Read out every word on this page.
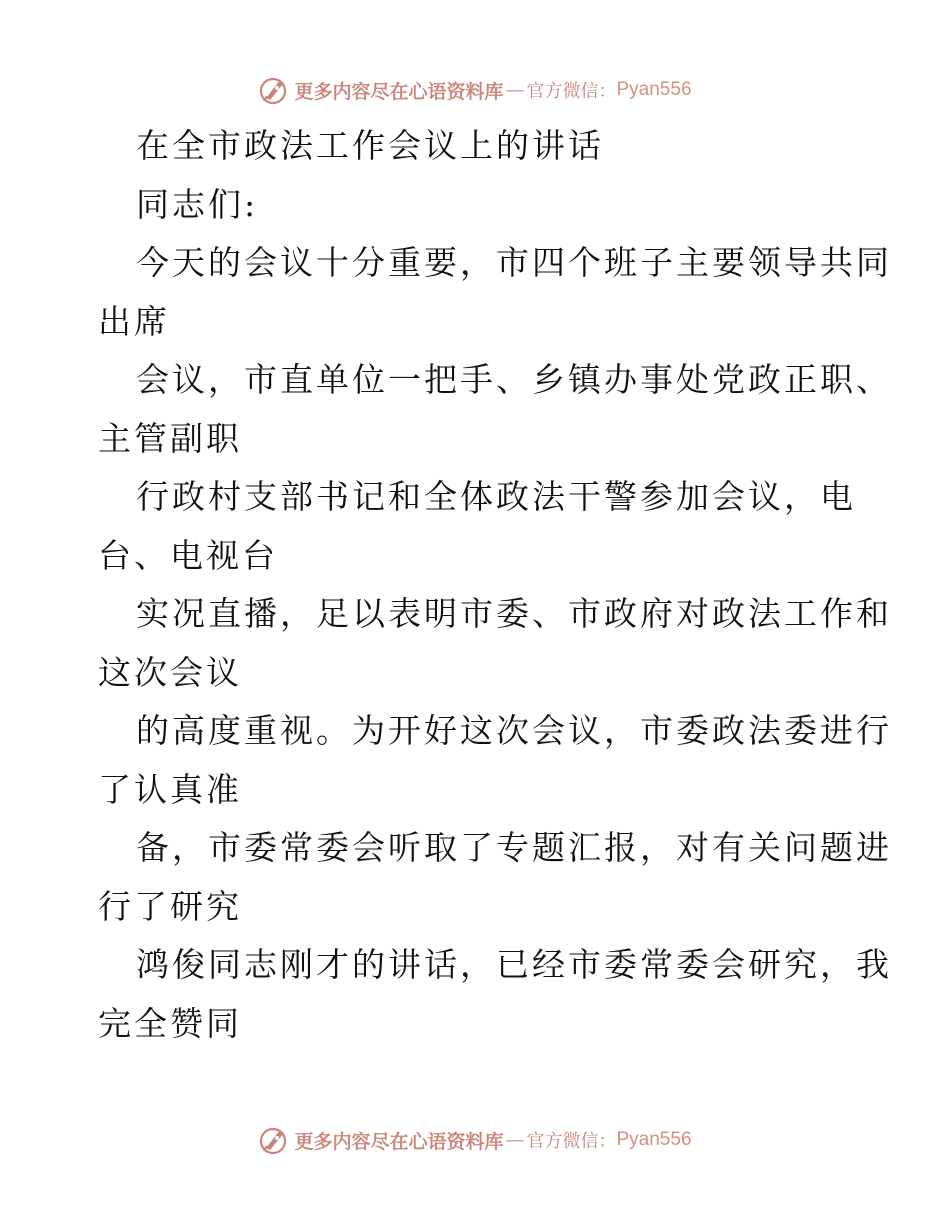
更多内容尽在心语资料库 — 官方微信： Pyan556
在全市政法工作会议上的讲话
同志们:
今天的会议十分重要，市四个班子主要领导共同
出席
会议，市直单位一把手、乡镇办事处党政正职、
主管副职
行政村支部书记和全体政法干警参加会议，电
台、电视台
实况直播，足以表明市委、市政府对政法工作和
这次会议
的高度重视。为开好这次会议，市委政法委进行
了认真准
备，市委常委会听取了专题汇报，对有关问题进
行了研究
鸿俊同志刚才的讲话，已经市委常委会研究，我
完全赞同
更多内容尽在心语资料库 — 官方微信： Pyan556
